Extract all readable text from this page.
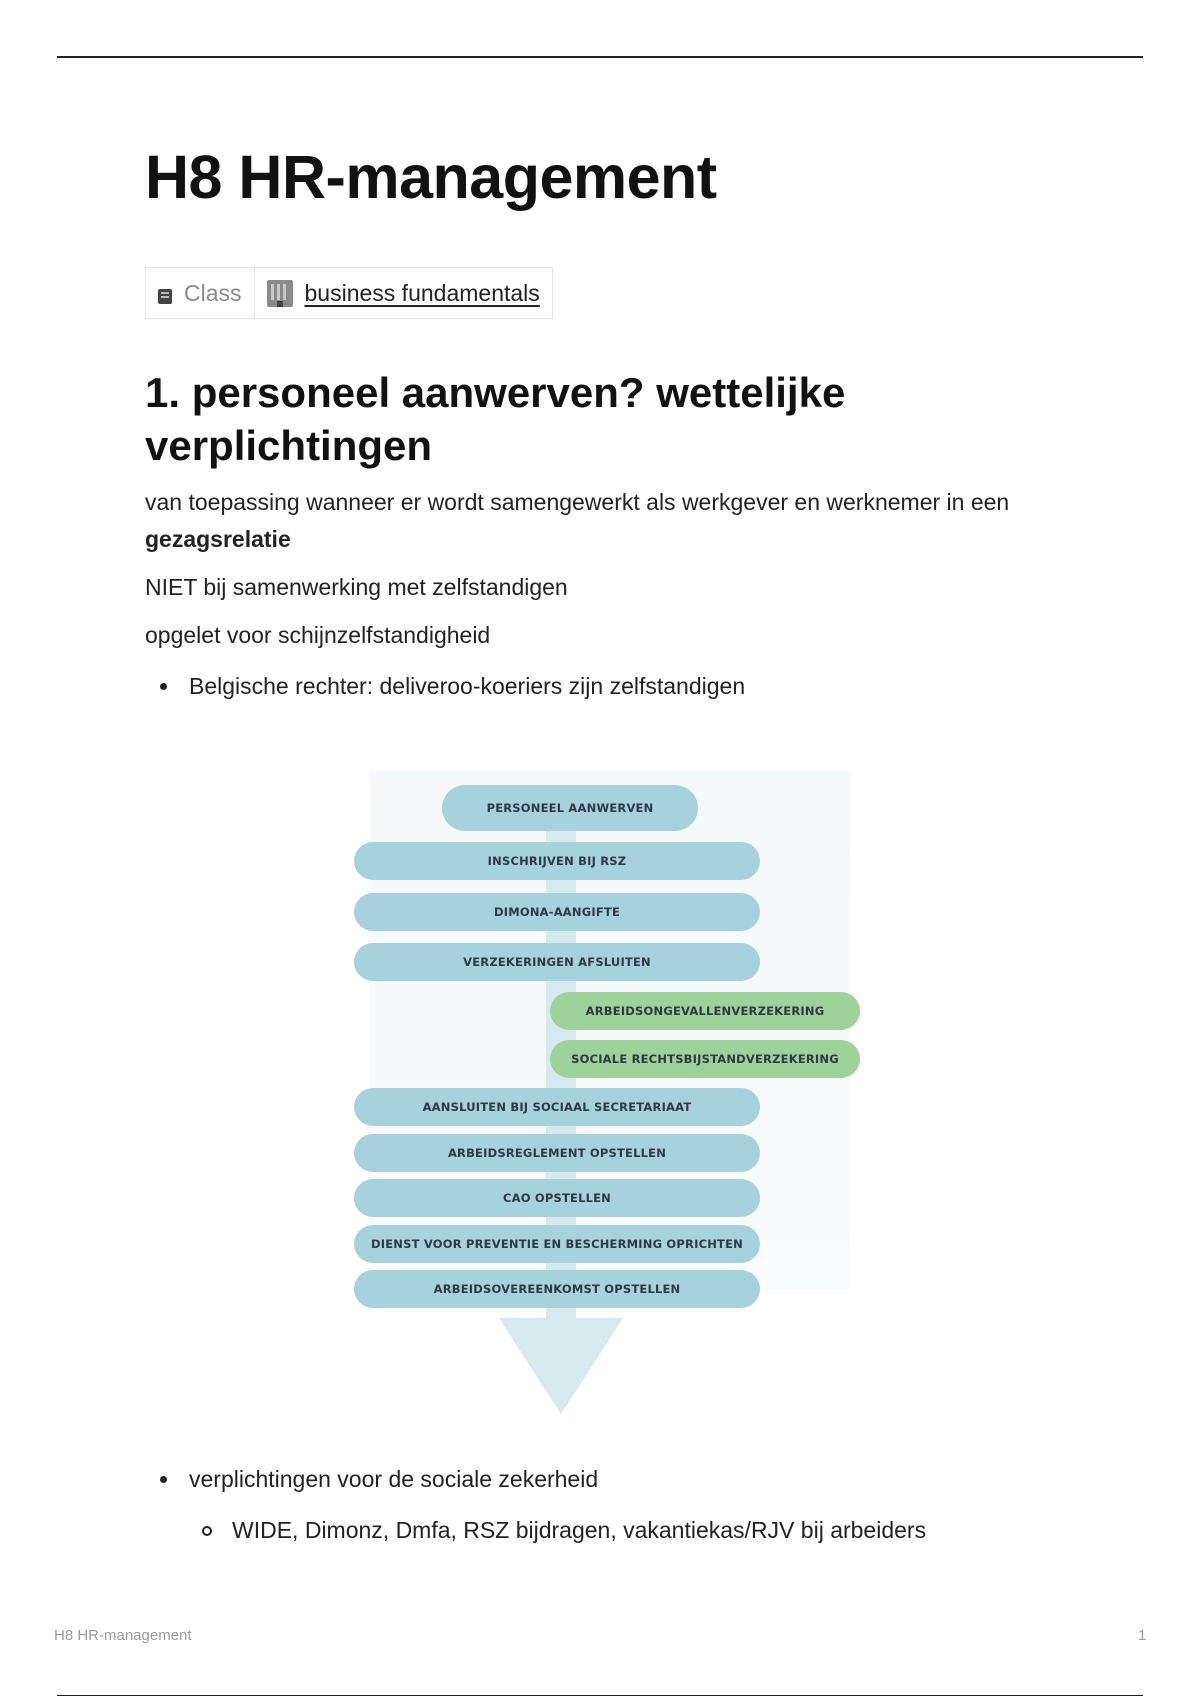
H8 HR-management
Class	business fundamentals
1. personeel aanwerven? wettelijke verplichtingen

van toepassing wanneer er wordt samengewerkt als werkgever en werknemer in een gezagsrelatie

NIET bij samenwerking met zelfstandigen

opgelet voor schijnzelfstandigheid

Belgische rechter: deliveroo-koeriers zijn zelfstandigen
PERSONEEL AANWERVEN
INSCHRIJVEN BIJ RSZ
DIMONA-AANGIFTE
VERZEKERINGEN AFSLUITEN
ARBEIDSONGEVALLENVERZEKERING
SOCIALE RECHTSBIJSTANDVERZEKERING
AANSLUITEN BIJ SOCIAAL SECRETARIAAT
ARBEIDSREGLEMENT OPSTELLEN
CAO OPSTELLEN
DIENST VOOR PREVENTIE EN BESCHERMING OPRICHTEN
ARBEIDSOVEREENKOMST OPSTELLEN
verplichtingen voor de sociale zekerheid
WIDE, Dimonz, Dmfa, RSZ bijdragen, vakantiekas/RJV bij arbeiders
H8 HR-management	1
